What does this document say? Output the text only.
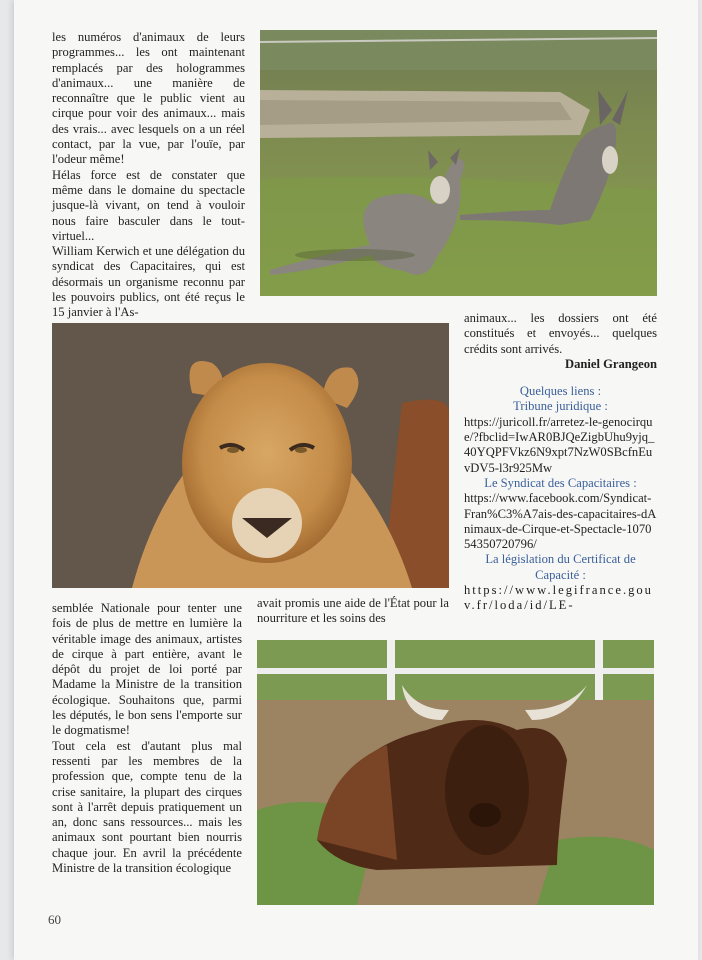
les numéros d'animaux de leurs programmes... les ont maintenant remplacés par des hologrammes d'animaux... une manière de reconnaître que le public vient au cirque pour voir des animaux... mais des vrais... avec lesquels on a un réel contact, par la vue, par l'ouïe, par l'odeur même!

Hélas force est de constater que même dans le domaine du spectacle jusque-là vivant, on tend à vouloir nous faire basculer dans le tout-virtuel...

William Kerwich et une délégation du syndicat des Capacitaires, qui est désormais un organisme reconnu par les pouvoirs publics, ont été reçus le 15 janvier à l'As-	animaux... les dossiers ont été constitués et envoyés... quelques crédits sont arrivés.

Daniel Grangeon

Quelques liens :

Tribune juridique :

https://juricoll.fr/arretez-le-genocirque/?fbclid=IwAR0BJQeZigbUhu9yjq_40YQPFVkz6N9xpt7NzW0SBcfnEuvDV5-l3r925Mw

Le Syndicat des Capacitaires :

https://www.facebook.com/Syndicat-Fran%C3%A7ais-des-capacitaires-dAnimaux-de-Cirque-et-Spectacle-107054350720796/

La législation du Certificat de Capacité :

https://www.legifrance.gouv.fr/loda/id/LE-

semblée Nationale pour tenter une fois de plus de mettre en lumière la véritable image des animaux, artistes de cirque à part entière, avant le dépôt du projet de loi porté par Madame la Ministre de la transition écologique. Souhaitons que, parmi les députés, le bon sens l'emporte sur le dogmatisme!

Tout cela est d'autant plus mal ressenti par les membres de la profession que, compte tenu de la crise sanitaire, la plupart des cirques sont à l'arrêt depuis pratiquement un an, donc sans ressources... mais les animaux sont pourtant bien nourris chaque jour. En avril la précédente Ministre de la transition écologique

avait promis une aide de l'État pour la nourriture et les soins des

60
